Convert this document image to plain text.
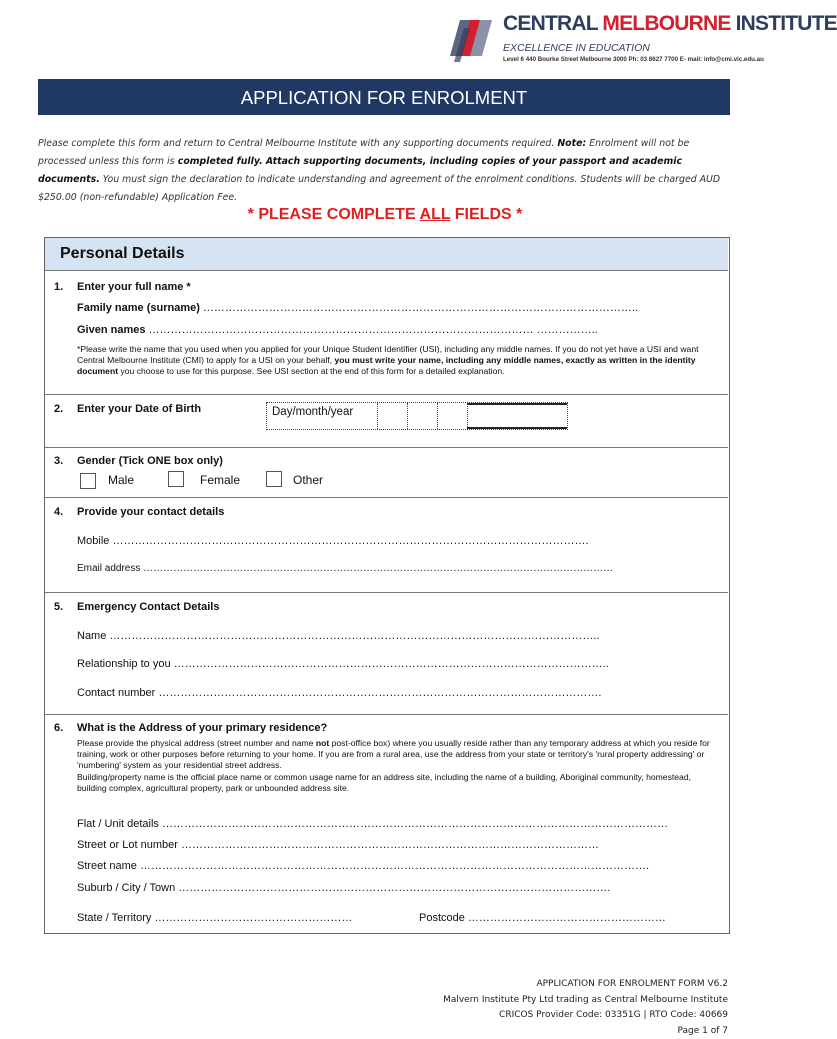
CENTRAL MELBOURNE INSTITUTE
EXCELLENCE IN EDUCATION
Level 6 440 Bourke Street Melbourne 3000 Ph: 03 8627 7700 E- mail: info@cmi.vic.edu.au
APPLICATION FOR ENROLMENT
Please complete this form and return to Central Melbourne Institute with any supporting documents required. Note: Enrolment will not be processed unless this form is completed fully. Attach supporting documents, including copies of your passport and academic documents. You must sign the declaration to indicate understanding and agreement of the enrolment conditions. Students will be charged AUD $250.00 (non-refundable) Application Fee.
* PLEASE COMPLETE ALL FIELDS *
Personal Details
1. Enter your full name *
Family name (surname) ………………………………………………………………………………………………………..
Given names …………………………………………………………………………………………… ……………..
*Please write the name that you used when you applied for your Unique Student Identifier (USI), including any middle names. If you do not yet have a USI and want Central Melbourne Institute (CMI) to apply for a USI on your behalf, you must write your name, including any middle names, exactly as written in the identity document you choose to use for this purpose. See USI section at the end of this form for a detailed explanation.
2. Enter your Date of Birth	Day/month/year
3. Gender (Tick ONE box only)
Male	Female	Other
4. Provide your contact details
Mobile ………………………………………………………………………………………………………………….
Email address ……………………………………………………………………………………………………………………………
5. Emergency Contact Details
Name ……………………………………………………………………………………………………………………..
Relationship to you ………………………………………………………………………………………………………..
Contact number ………………………………………………………………………………………………………….
6. What is the Address of your primary residence?
Please provide the physical address (street number and name not post-office box) where you usually reside rather than any temporary address at which you reside for training, work or other purposes before returning to your home. If you are from a rural area, use the address from your state or territory's 'rural property addressing' or 'numbering' system as your residential street address.
Building/property name is the official place name or common usage name for an address site, including the name of a building, Aboriginal community, homestead, building complex, agricultural property, park or unbounded address site.
Flat / Unit details …………………………………………………………………………………………………………………………
Street or Lot number ……………………………………………………………………………………………………
Street name ………………………………………………………………………………………………………………………….
Suburb / City / Town ……………………………………………………………………………………………………….
State / Territory ………………………………………………	Postcode ………………………………………………
APPLICATION FOR ENROLMENT FORM V6.2
Malvern Institute Pty Ltd trading as Central Melbourne Institute
CRICOS Provider Code: 03351G | RTO Code: 40669
Page 1 of 7
